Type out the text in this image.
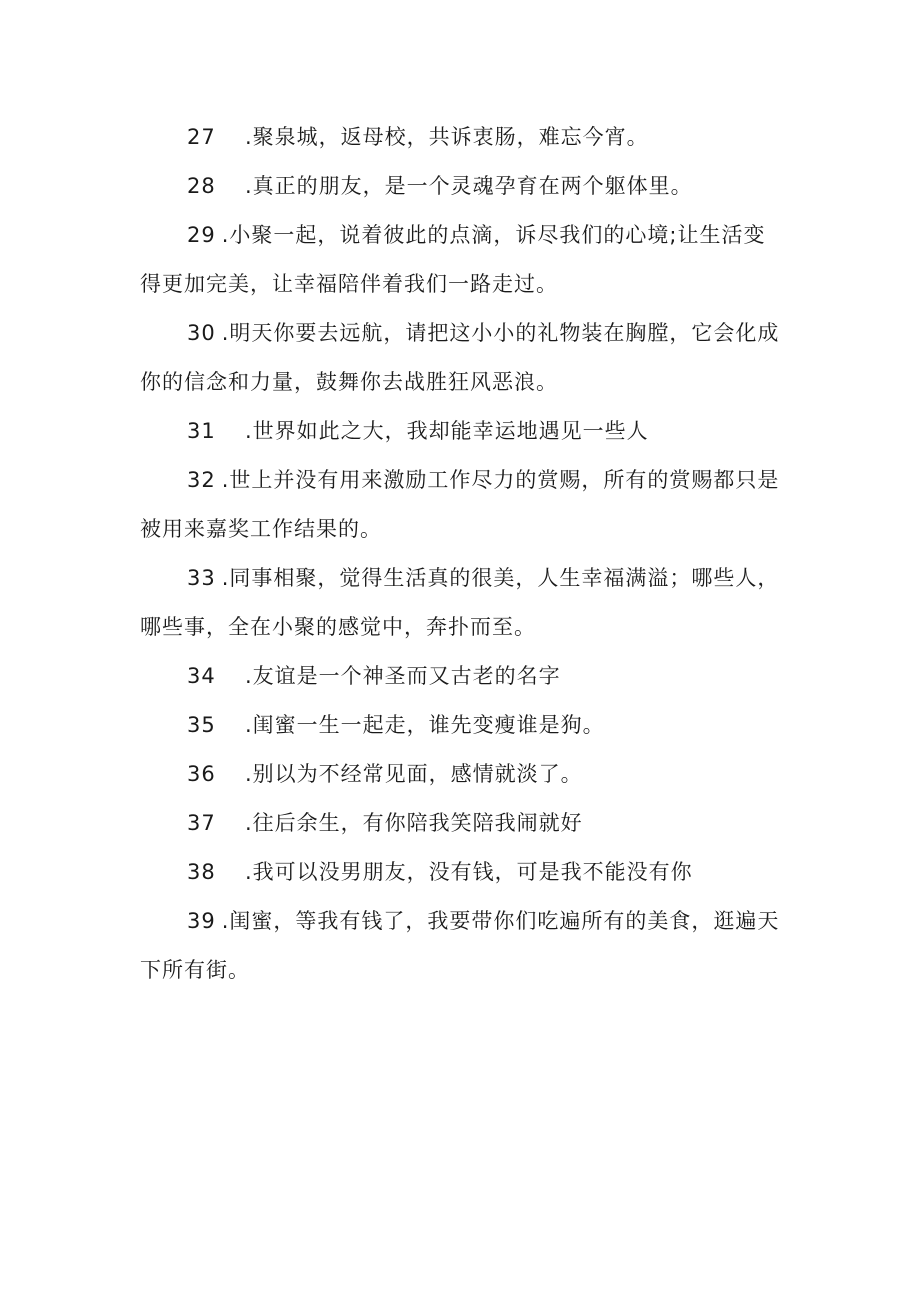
27 .聚泉城，返母校，共诉衷肠，难忘今宵。
28 .真正的朋友，是一个灵魂孕育在两个躯体里。
29 .小聚一起，说着彼此的点滴，诉尽我们的心境;让生活变得更加完美，让幸福陪伴着我们一路走过。
30 .明天你要去远航，请把这小小的礼物装在胸膛，它会化成你的信念和力量，鼓舞你去战胜狂风恶浪。
31 .世界如此之大，我却能幸运地遇见一些人
32 .世上并没有用来激励工作尽力的赏赐，所有的赏赐都只是被用来嘉奖工作结果的。
33 .同事相聚，觉得生活真的很美，人生幸福满溢；哪些人，哪些事，全在小聚的感觉中，奔扑而至。
34 .友谊是一个神圣而又古老的名字
35 .闺蜜一生一起走，谁先变瘦谁是狗。
36 .别以为不经常见面，感情就淡了。
37 .往后余生，有你陪我笑陪我闹就好
38 .我可以没男朋友，没有钱，可是我不能没有你
39 .闺蜜，等我有钱了，我要带你们吃遍所有的美食，逛遍天下所有街。
